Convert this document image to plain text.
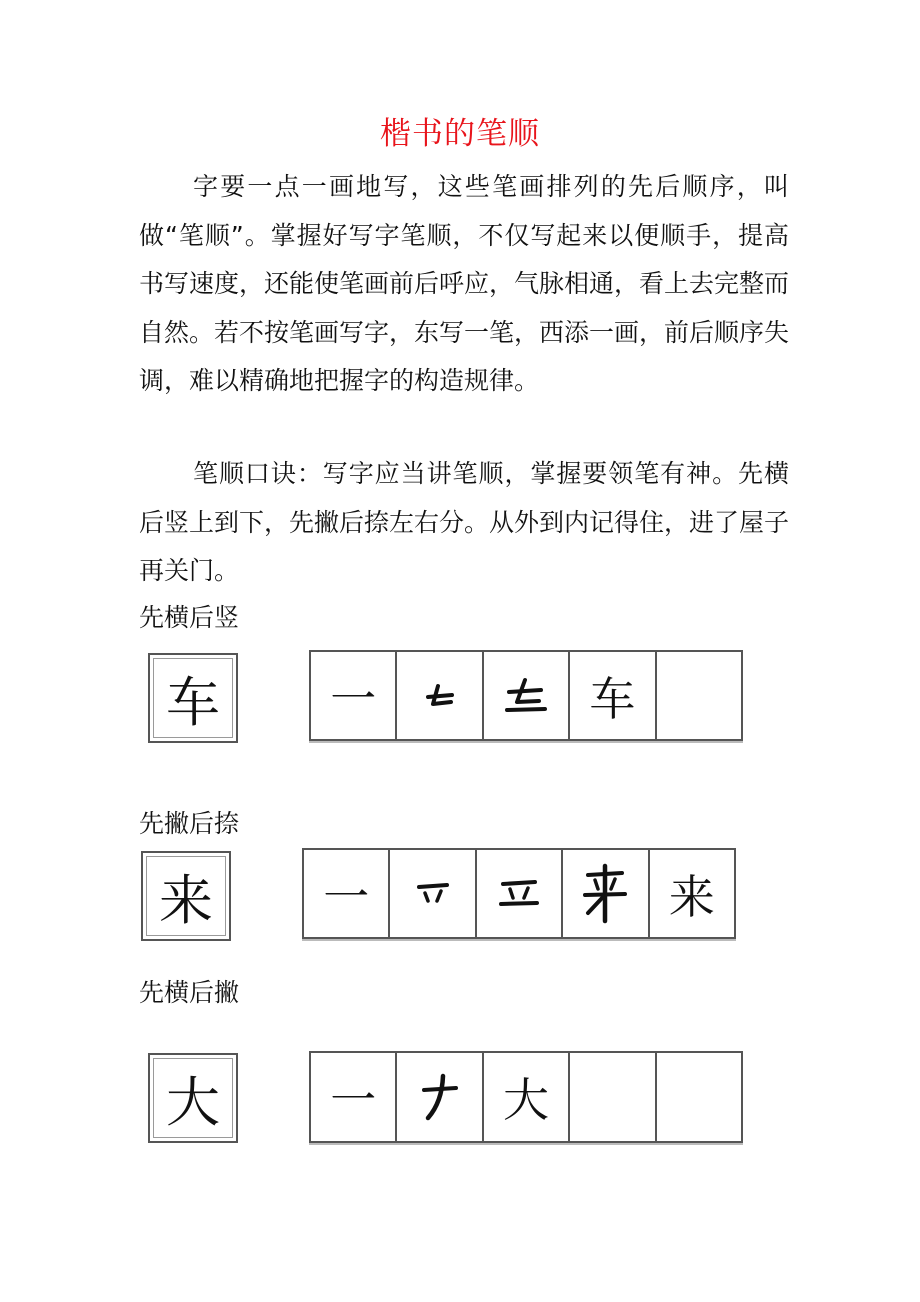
楷书的笔顺

字要一点一画地写，这些笔画排列的先后顺序，叫做“笔顺”。掌握好写字笔顺，不仅写起来以便顺手，提高书写速度，还能使笔画前后呼应，气脉相通，看上去完整而自然。若不按笔画写字，东写一笔，西添一画，前后顺序失调，难以精确地把握字的构造规律。

笔顺口诀：写字应当讲笔顺，掌握要领笔有神。先横后竖上到下，先撇后捺左右分。从外到内记得住，进了屋子再关门。

先横后竖
车	一	车
先撇后捺
来	一	来
先横后撇
大	一	大
